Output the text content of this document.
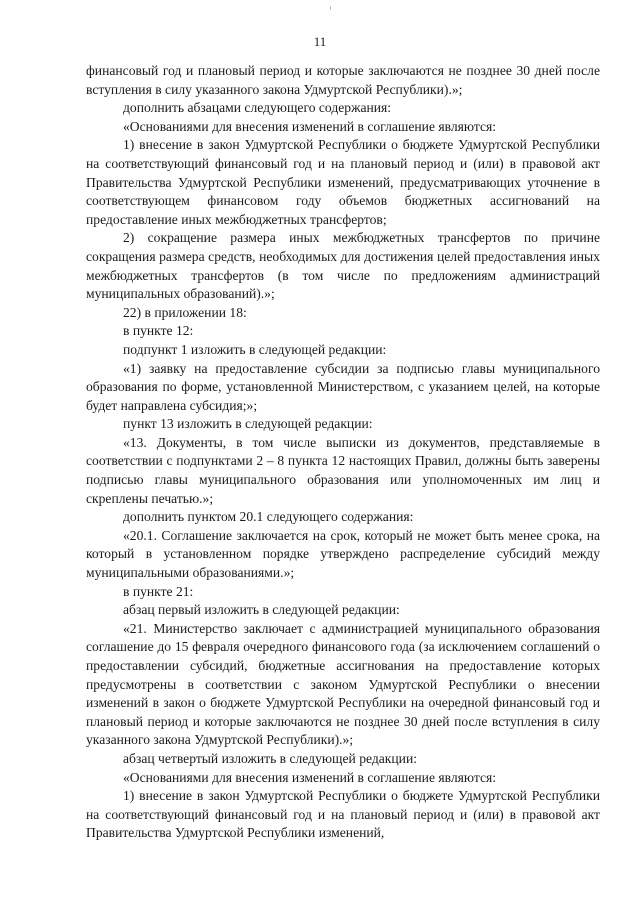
11

финансовый год и плановый период и которые заключаются не позднее 30 дней после вступления в силу указанного закона Удмуртской Республики).»;

дополнить абзацами следующего содержания:

«Основаниями для внесения изменений в соглашение являются:

1) внесение в закон Удмуртской Республики о бюджете Удмуртской Республики на соответствующий финансовый год и на плановый период и (или) в правовой акт Правительства Удмуртской Республики изменений, предусматривающих уточнение в соответствующем финансовом году объемов бюджетных ассигнований на предоставление иных межбюджетных трансфертов;

2) сокращение размера иных межбюджетных трансфертов по причине сокращения размера средств, необходимых для достижения целей предоставления иных межбюджетных трансфертов (в том числе по предложениям администраций муниципальных образований).»;

22) в приложении 18:

в пункте 12:

подпункт 1 изложить в следующей редакции:

«1) заявку на предоставление субсидии за подписью главы муниципального образования по форме, установленной Министерством, с указанием целей, на которые будет направлена субсидия;»;

пункт 13 изложить в следующей редакции:

«13. Документы, в том числе выписки из документов, представляемые в соответствии с подпунктами 2 – 8 пункта 12 настоящих Правил, должны быть заверены подписью главы муниципального образования или уполномоченных им лиц и скреплены печатью.»;

дополнить пунктом 20.1 следующего содержания:

«20.1. Соглашение заключается на срок, который не может быть менее срока, на который в установленном порядке утверждено распределение субсидий между муниципальными образованиями.»;

в пункте 21:

абзац первый изложить в следующей редакции:

«21. Министерство заключает с администрацией муниципального образования соглашение до 15 февраля очередного финансового года (за исключением соглашений о предоставлении субсидий, бюджетные ассигнования на предоставление которых предусмотрены в соответствии с законом Удмуртской Республики о внесении изменений в закон о бюджете Удмуртской Республики на очередной финансовый год и плановый период и которые заключаются не позднее 30 дней после вступления в силу указанного закона Удмуртской Республики).»;

абзац четвертый изложить в следующей редакции:

«Основаниями для внесения изменений в соглашение являются:

1) внесение в закон Удмуртской Республики о бюджете Удмуртской Республики на соответствующий финансовый год и на плановый период и (или) в правовой акт Правительства Удмуртской Республики изменений,
